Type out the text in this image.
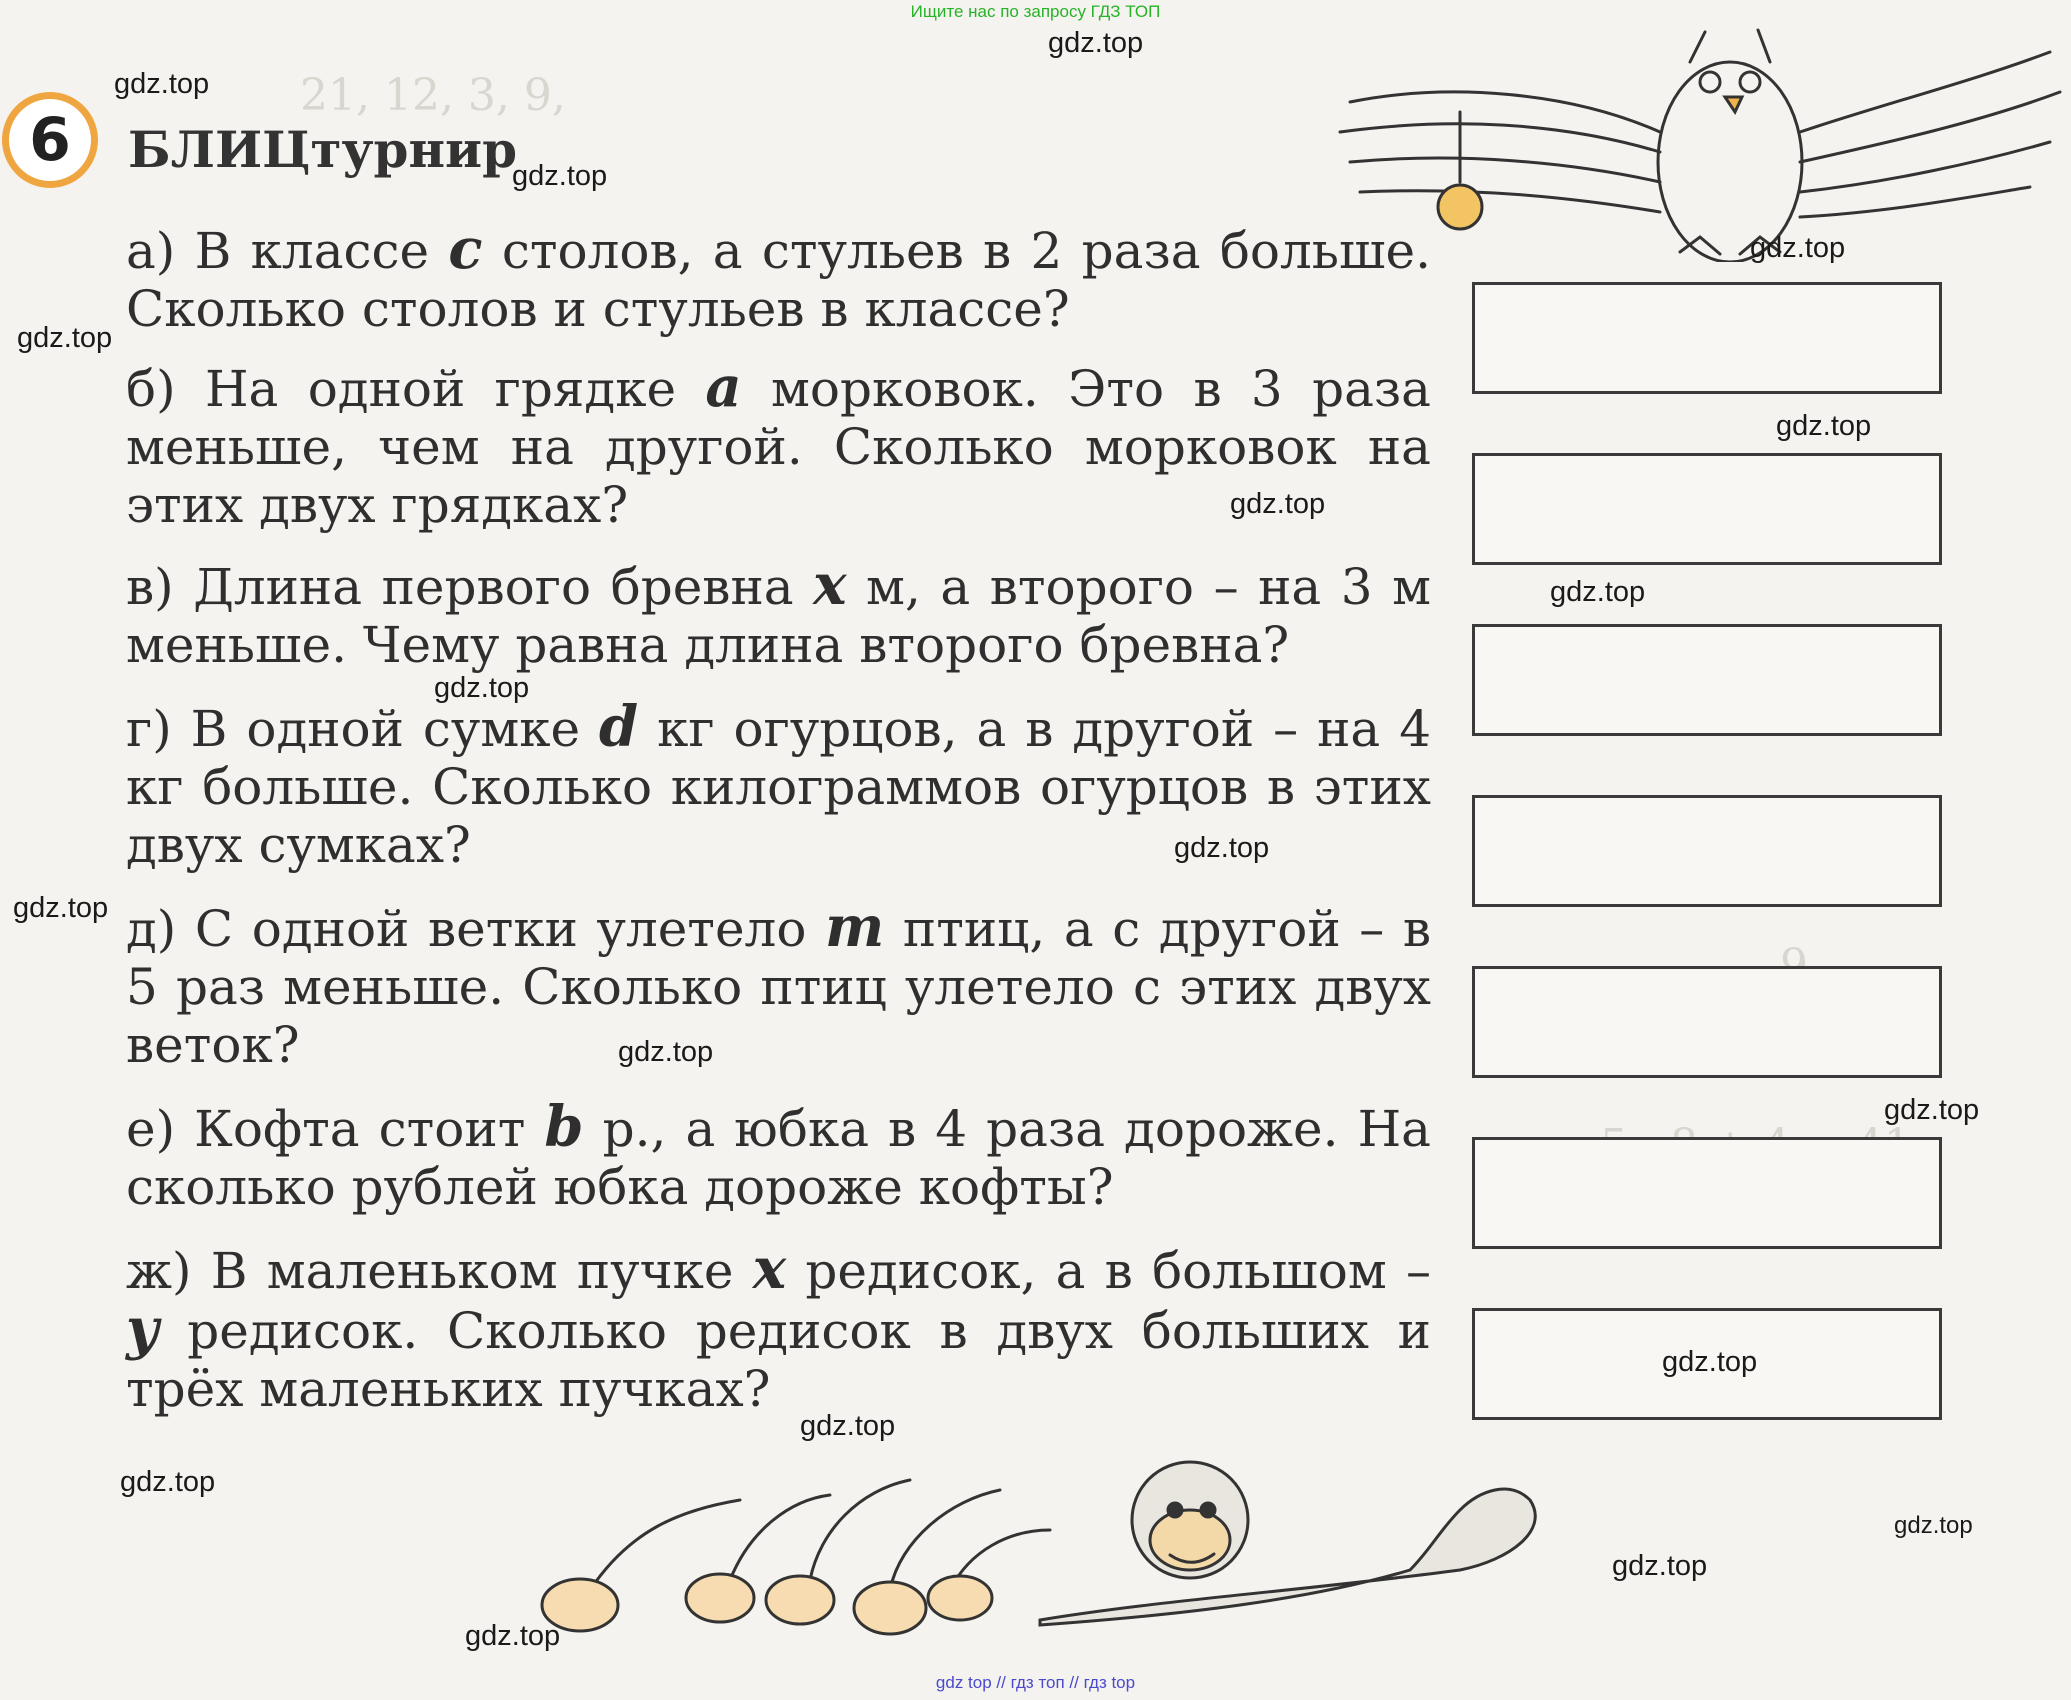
21, 12, 3, 9,
Ищите нас по запросу ГДЗ ТОП
6	БЛИЦтурнир
а) В классе c столов, а стульев в 2 раза больше. Сколько столов и стульев в классе?
б) На одной грядке a морковок. Это в 3 раза меньше, чем на другой. Сколько морковок на этих двух грядках?
в) Длина первого бревна x м, а второго – на 3 м меньше. Чему равна длина второго бревна?
г) В одной сумке d кг огурцов, а в другой – на 4 кг больше. Сколько килограммов огурцов в этих двух сумках?
д) С одной ветки улетело m птиц, а с другой – в 5 раз меньше. Сколько птиц улетело с этих двух веток?
е) Кофта стоит b р., а юбка в 4 раза дороже. На сколько рублей юбка дороже кофты?
ж) В маленьком пучке x редисок, а в большом – y редисок. Сколько редисок в двух больших и трёх маленьких пучках?
gdz.top
gdz.top
gdz.top
gdz.top
gdz.top
gdz.top
gdz.top
gdz.top
gdz.top
gdz.top
gdz.top
gdz.top
gdz.top
gdz.top
gdz.top
gdz.top
gdz.top
gdz.top
gdz.top
gdz top // гдз топ // гдз top
